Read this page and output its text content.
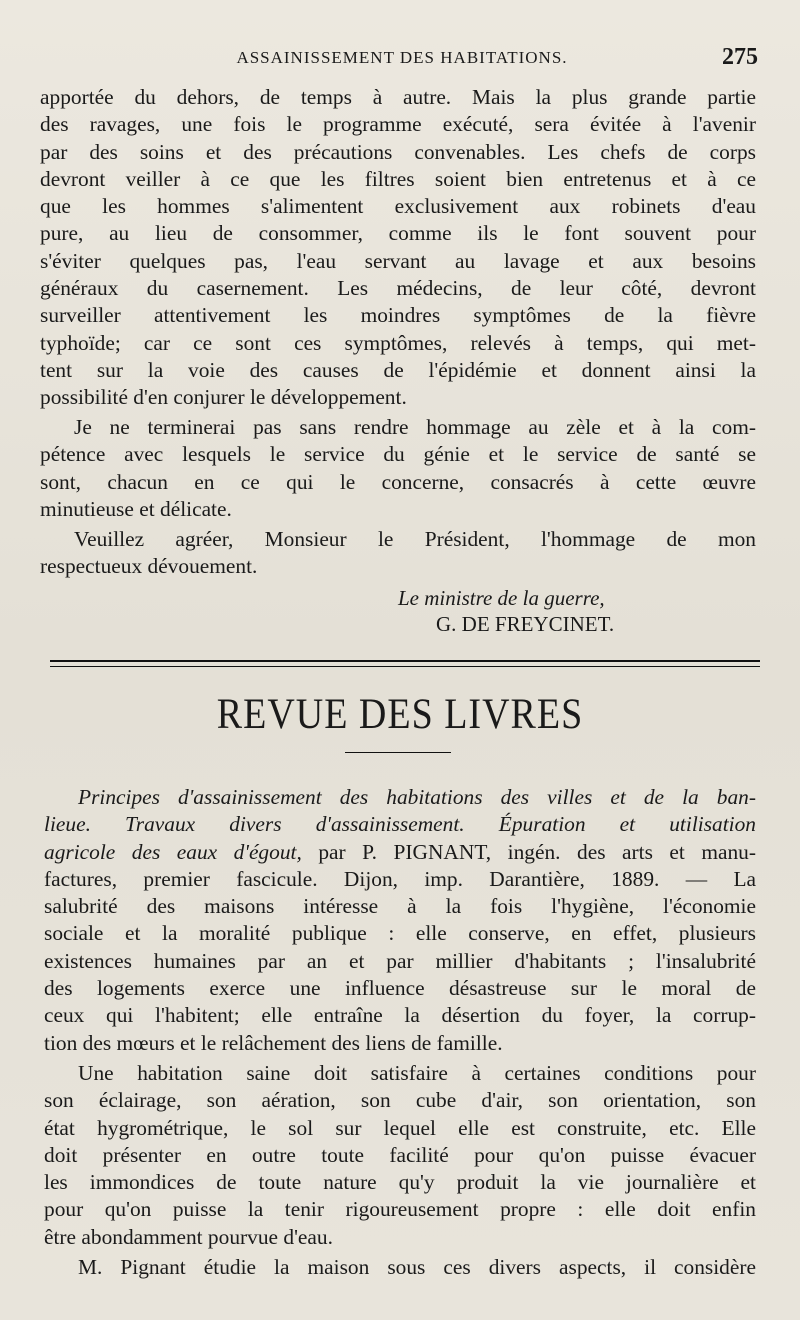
ASSAINISSEMENT DES HABITATIONS.	275
apportée du dehors, de temps à autre. Mais la plus grande partie
des ravages, une fois le programme exécuté, sera évitée à l'avenir
par des soins et des précautions convenables. Les chefs de corps
devront veiller à ce que les filtres soient bien entretenus et à ce
que les hommes s'alimentent exclusivement aux robinets d'eau
pure, au lieu de consommer, comme ils le font souvent pour
s'éviter quelques pas, l'eau servant au lavage et aux besoins
généraux du casernement. Les médecins, de leur côté, devront
surveiller attentivement les moindres symptômes de la fièvre
typhoïde; car ce sont ces symptômes, relevés à temps, qui met-
tent sur la voie des causes de l'épidémie et donnent ainsi la
possibilité d'en conjurer le développement.
Je ne terminerai pas sans rendre hommage au zèle et à la com-
pétence avec lesquels le service du génie et le service de santé se
sont, chacun en ce qui le concerne, consacrés à cette œuvre
minutieuse et délicate.
Veuillez agréer, Monsieur le Président, l'hommage de mon
respectueux dévouement.
Le ministre de la guerre,
G. DE FREYCINET.
REVUE DES LIVRES
Principes d'assainissement des habitations des villes et de la ban-
lieue. Travaux divers d'assainissement. Épuration et utilisation
agricole des eaux d'égout, par P. PIGNANT, ingén. des arts et manu-
factures, premier fascicule. Dijon, imp. Darantière, 1889. — La
salubrité des maisons intéresse à la fois l'hygiène, l'économie
sociale et la moralité publique : elle conserve, en effet, plusieurs
existences humaines par an et par millier d'habitants ; l'insalubrité
des logements exerce une influence désastreuse sur le moral de
ceux qui l'habitent; elle entraîne la désertion du foyer, la corrup-
tion des mœurs et le relâchement des liens de famille.
Une habitation saine doit satisfaire à certaines conditions pour
son éclairage, son aération, son cube d'air, son orientation, son
état hygrométrique, le sol sur lequel elle est construite, etc. Elle
doit présenter en outre toute facilité pour qu'on puisse évacuer
les immondices de toute nature qu'y produit la vie journalière et
pour qu'on puisse la tenir rigoureusement propre : elle doit enfin
être abondamment pourvue d'eau.
M. Pignant étudie la maison sous ces divers aspects, il considère
